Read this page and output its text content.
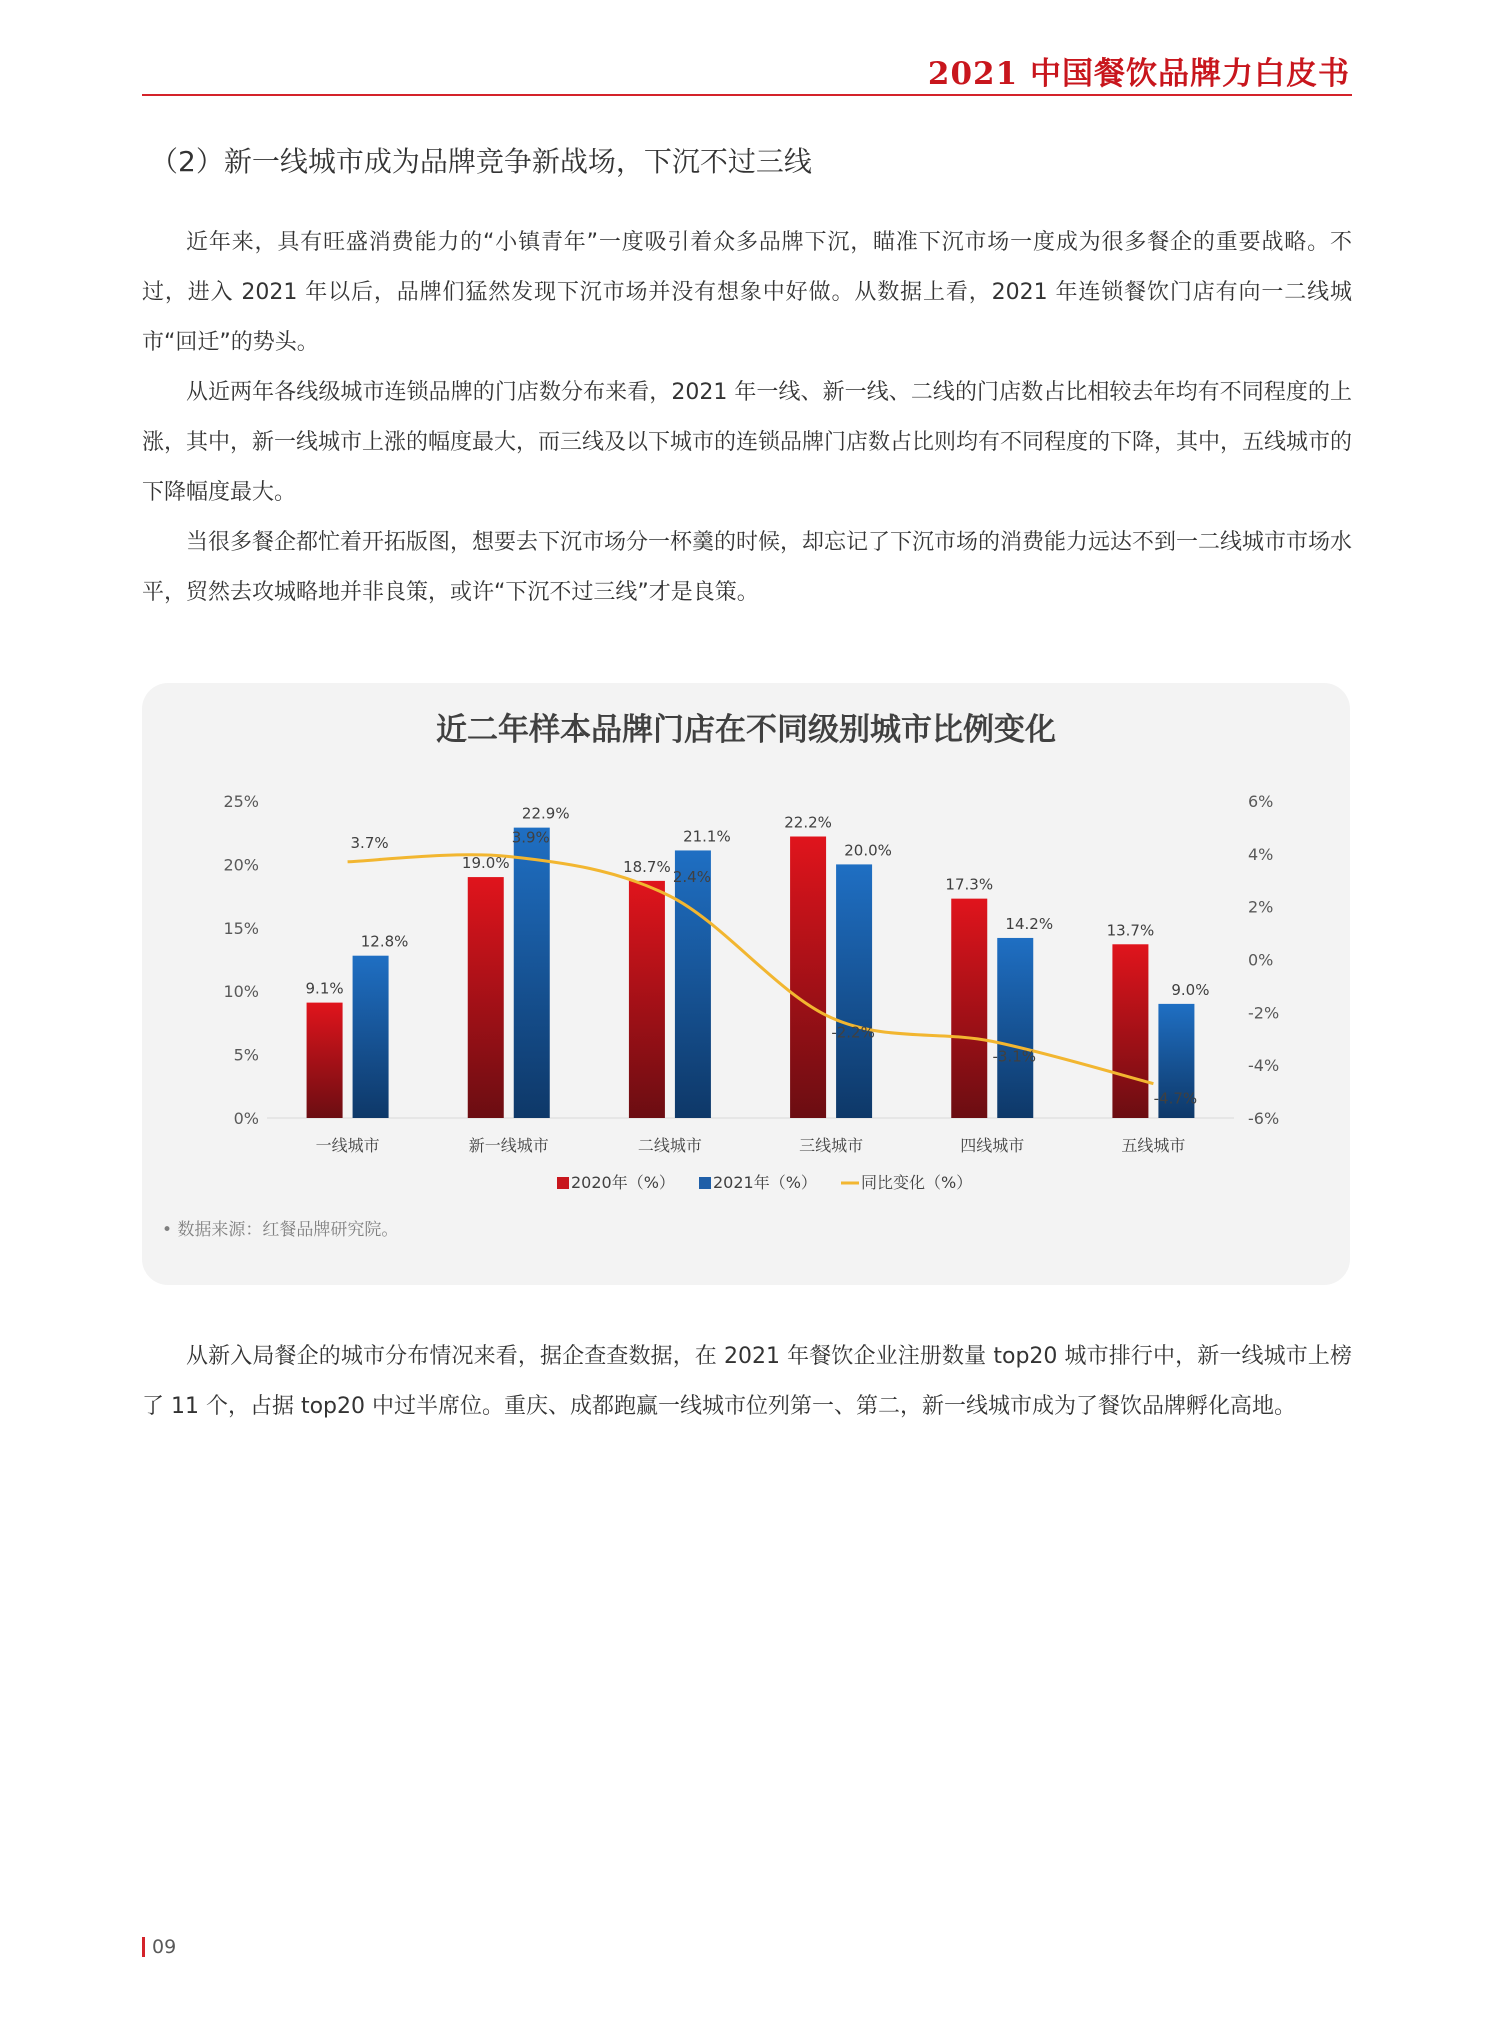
2021 中国餐饮品牌力白皮书
（2）新一线城市成为品牌竞争新战场，下沉不过三线

近年来，具有旺盛消费能力的“小镇青年”一度吸引着众多品牌下沉，瞄准下沉市场一度成为很多餐企的重要战略。不过，进入 2021 年以后，品牌们猛然发现下沉市场并没有想象中好做。从数据上看，2021 年连锁餐饮门店有向一二线城市“回迁”的势头。

从近两年各线级城市连锁品牌的门店数分布来看，2021 年一线、新一线、二线的门店数占比相较去年均有不同程度的上涨，其中，新一线城市上涨的幅度最大，而三线及以下城市的连锁品牌门店数占比则均有不同程度的下降，其中，五线城市的下降幅度最大。

当很多餐企都忙着开拓版图，想要去下沉市场分一杯羹的时候，却忘记了下沉市场的消费能力远达不到一二线城市市场水平，贸然去攻城略地并非良策，或许“下沉不过三线”才是良策。

近二年样本品牌门店在不同级别城市比例变化
0%
5%
10%
15%
20%
25%
-6%
-4%
-2%
0%
2%
4%
6%
9.1%
12.8%
一线城市
19.0%
22.9%
新一线城市
18.7%
21.1%
二线城市
22.2%
20.0%
三线城市
17.3%
14.2%
四线城市
13.7%
9.0%
五线城市
3.7%	3.9%
2.4%
-2.2%
-3.1%
-4.7%
2020年（%） 2021年（%）	同比变化（%）
• 数据来源：红餐品牌研究院。

从新入局餐企的城市分布情况来看，据企查查数据，在 2021 年餐饮企业注册数量 top20 城市排行中，新一线城市上榜了 11 个，占据 top20 中过半席位。重庆、成都跑赢一线城市位列第一、第二，新一线城市成为了餐饮品牌孵化高地。

09
